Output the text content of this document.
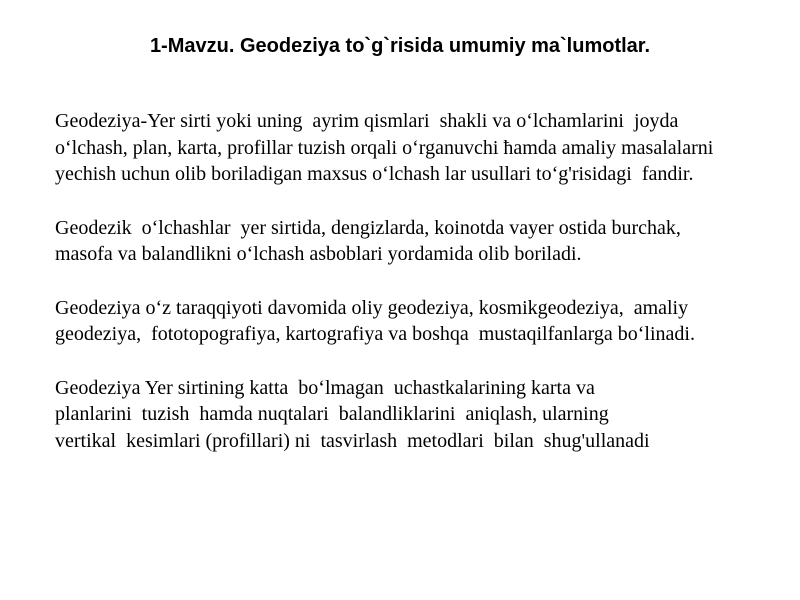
1-Mavzu. Geodeziya to`g`risida umumiy ma`lumotlar.

Geodeziya-Yer sirti yoki uning  ayrim qismlari  shakli va o‘lchamlarini  joyda
o‘lchash, plan, karta, profillar tuzish orqali o‘rganuvchi ћamda amaliy masalalarni
yechish uchun olib boriladigan maxsus o‘lchash lar usullari to‘g'risidagi  fandir.

Geodezik  o‘lchashlar  yer sirtida, dengizlarda, koinotda vayer ostida burchak,
masofa va balandlikni o‘lchash asboblari yordamida olib boriladi.

Geodeziya o‘z taraqqiyoti davomida oliy geodeziya, kosmikgeodeziya,  amaliy
geodeziya,  fototopografiya, kartografiya va boshqa  mustaqilfanlarga bo‘linadi.

Geodeziya Yer sirtining katta  bo‘lmagan  uchastkalarining karta va
planlarini  tuzish  hamda nuqtalari  balandliklarini  aniqlash, ularning
vertikal  kesimlari (profillari) ni  tasvirlash  metodlari  bilan  shug'ullanadi
